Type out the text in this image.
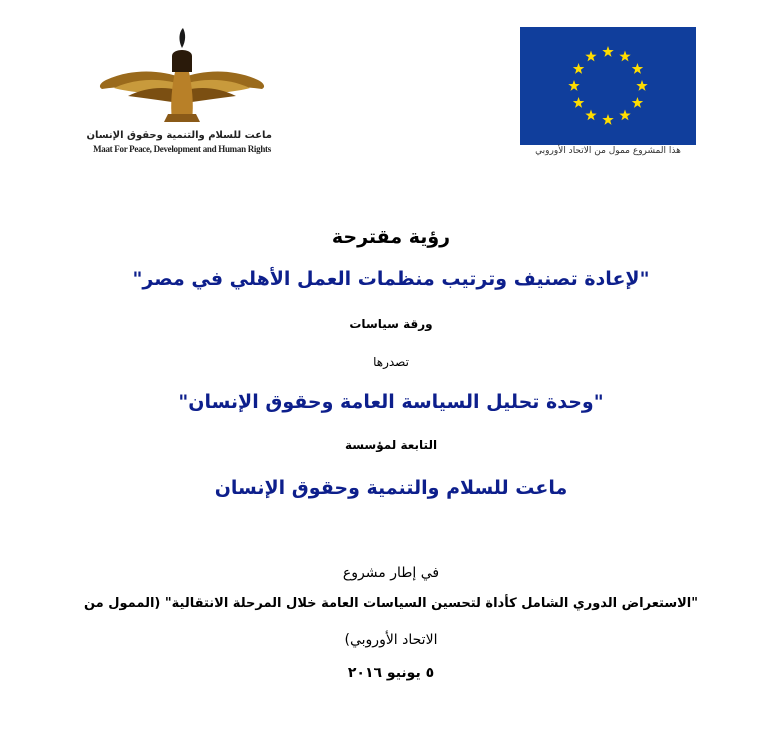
ماعت للسلام والتنمية وحقوق الإنسان
Maat For Peace, Development and Human Rights	هذا المشروع ممول من الاتحاد الأوروبي
رؤية مقترحة
"لإعادة تصنيف وترتيب منظمات العمل الأهلي في مصر"
ورقة سياسات
تصدرها
"وحدة تحليل السياسة العامة وحقوق الإنسان"
التابعة لمؤسسة
ماعت للسلام والتنمية وحقوق الإنسان
في إطار مشروع
"الاستعراض الدوري الشامل كأداة لتحسين السياسات العامة خلال المرحلة الانتقالية" (الممول من
الاتحاد الأوروبي)
٥ يونيو ٢٠١٦
